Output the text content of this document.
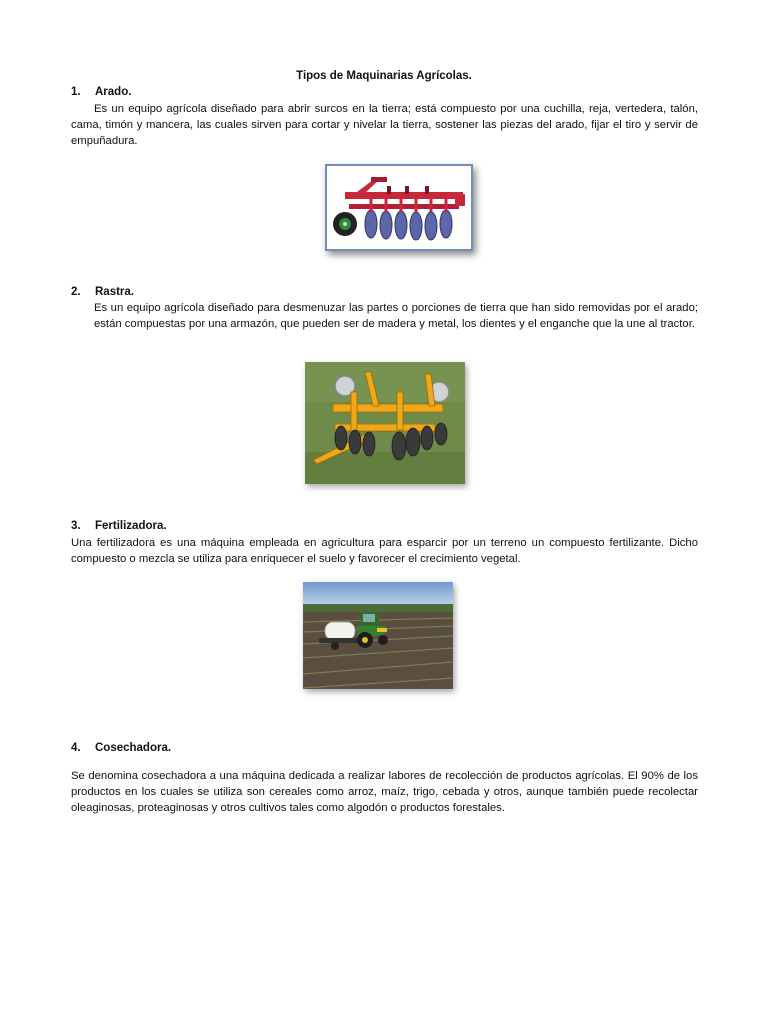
Tipos de Maquinarias Agrícolas.
1. Arado.

Es un equipo agrícola diseñado para abrir surcos en la tierra; está compuesto por una cuchilla, reja, vertedera, talón, cama, timón y mancera, las cuales sirven para cortar y nivelar la tierra, sostener las piezas del arado, fijar el tiro y servir de empuñadura.

2. Rastra.

Es un equipo agrícola diseñado para desmenuzar las partes o porciones de tierra que han sido removidas por el arado; están compuestas por una armazón, que pueden ser de madera y metal, los dientes y el enganche que la une al tractor.

3. Fertilizadora.

Una fertilizadora es una máquina empleada en agricultura para esparcir por un terreno un compuesto fertilizante. Dicho compuesto o mezcla se utiliza para enriquecer el suelo y favorecer el crecimiento vegetal.

4. Cosechadora.

Se denomina cosechadora a una máquina dedicada a realizar labores de recolección de productos agrícolas. El 90% de los productos en los cuales se utiliza son cereales como arroz, maíz, trigo, cebada y otros, aunque también puede recolectar oleaginosas, proteaginosas y otros cultivos tales como algodón o productos forestales.
